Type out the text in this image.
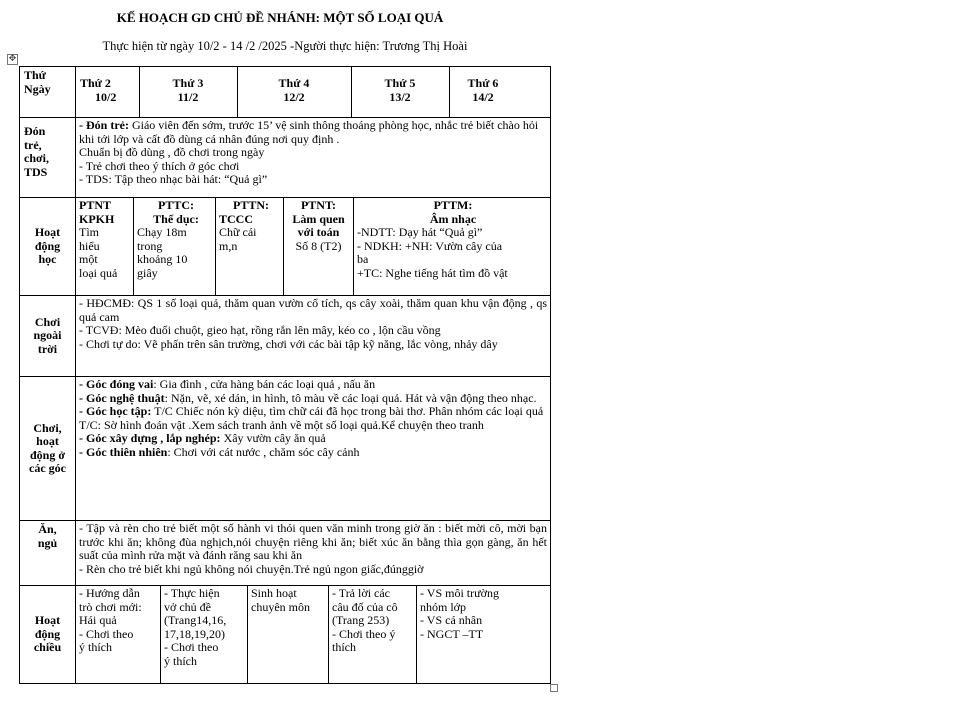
KẾ HOẠCH GD CHỦ ĐỀ NHÁNH: MỘT SỐ LOẠI QUẢ
Thực hiện từ ngày 10/2 - 14 /2 /2025 -Người thực hiện: Trương Thị Hoài
✥

Thứ

Ngày	Thứ 2

10/2

Thứ 3

11/2

Thứ 4

12/2

Thứ 5

13/2

Thứ 6

14/2

Đón

trẻ,

chơi,

TDS

- Đón trẻ: Giáo viên đến sớm, trước 15’ vệ sinh thông thoáng phòng học, nhắc trẻ biết chào hỏi khi tới lớp và cất đồ dùng cá nhân đúng nơi quy định .

Chuẩn bị đồ dùng , đồ chơi trong ngày

- Trẻ chơi theo ý thích ở góc chơi

- TDS: Tập theo nhạc bài hát: “Quả gì”

Hoạt
động
học

PTNT

KPKH

Tìm

hiểu

một

loại quả

PTTC:

Thể dục:

Chạy 18m

trong

khoảng 10

giây

PTTN:

TCCC

Chữ cái

m,n

PTNT:

Làm quen

với toán

Số 8 (T2)

PTTM:

Âm nhạc

-NDTT: Dạy hát “Quả gì”

- NDKH: +NH: Vườn cây của

ba

+TC: Nghe tiếng hát tìm đồ vật

Chơi
ngoài
trời

- HĐCMĐ: QS 1 số loại quả, thăm quan vườn cổ tích, qs cây xoài, thăm quan khu vận động , qs quả cam

- TCVĐ: Mèo đuổi chuột, gieo hạt, rồng rắn lên mây, kéo co , lộn cầu vồng

- Chơi tự do: Vẽ phấn trên sân trường, chơi với các bài tập kỹ năng, lắc vòng, nhảy dây

Chơi,
hoạt
động ở
các góc

- Góc đóng vai: Gia đình , cửa hàng bán các loại quả , nấu ăn

- Góc nghệ thuật: Nặn, vẽ, xé dán, in hình, tô màu về các loại quả. Hát và vận động theo nhạc.

- Góc học tập: T/C Chiếc nón kỳ diệu, tìm chữ cái đã học trong bài thơ. Phân nhóm các loại quả

T/C: Sờ hình đoán vật .Xem sách tranh ảnh về một số loại quả.Kể chuyện theo tranh

- Góc xây dựng , lắp nghép: Xây vườn cây ăn quả

- Góc thiên nhiên: Chơi với cát nước , chăm sóc cây cảnh

Ăn,

ngủ

- Tập và rèn cho trẻ biết một số hành vi thói quen văn minh trong giờ ăn : biết mời cô, mời bạn trước khi ăn; không đùa nghịch,nói chuyện riêng khi ăn; biết xúc ăn bằng thìa gọn gàng, ăn hết suất của mình rửa mặt và đánh răng sau khi ăn

- Rèn cho trẻ biết khi ngủ không nói chuyện.Trẻ ngủ ngon giấc,đúnggiờ

Hoạt
động
chiều

- Hướng dẫn

trò chơi mới:

Hái quả

- Chơi theo

ý thích

- Thực hiện

vở chủ đề

(Trang14,16,

17,18,19,20)

- Chơi theo

ý thích

Sinh hoạt

chuyên môn

- Trả lời các

câu đố của cô

(Trang 253)

- Chơi theo ý

thích

- VS môi trường

nhóm lớp

- VS cá nhân

- NGCT –TT
